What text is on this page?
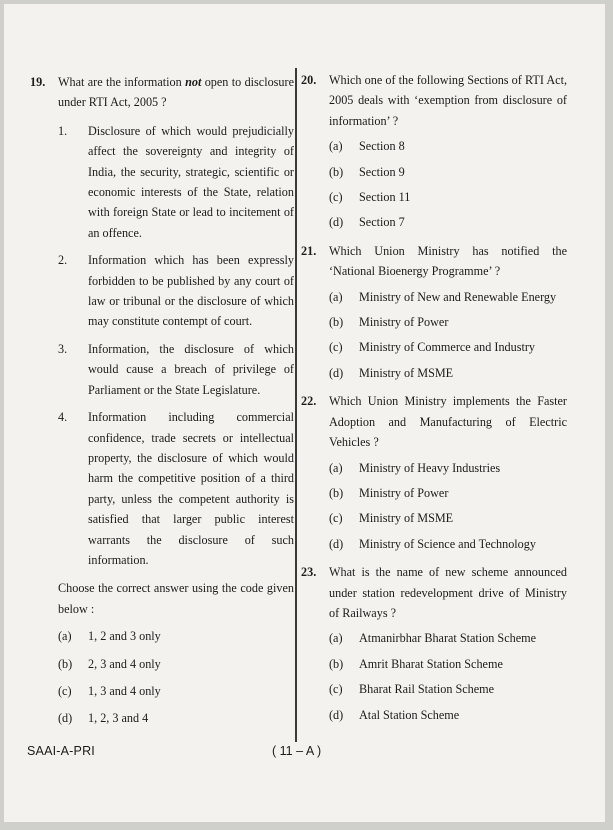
19. What are the information not open to disclosure under RTI Act, 2005 ?
1. Disclosure of which would prejudicially affect the sovereignty and integrity of India, the security, strategic, scientific or economic interests of the State, relation with foreign State or lead to incitement of an offence.
2. Information which has been expressly forbidden to be published by any court of law or tribunal or the disclosure of which may constitute contempt of court.
3. Information, the disclosure of which would cause a breach of privilege of Parliament or the State Legislature.
4. Information including commercial confidence, trade secrets or intellectual property, the disclosure of which would harm the competitive position of a third party, unless the competent authority is satisfied that larger public interest warrants the disclosure of such information.
Choose the correct answer using the code given below :
(a) 1, 2 and 3 only
(b) 2, 3 and 4 only
(c) 1, 3 and 4 only
(d) 1, 2, 3 and 4
20. Which one of the following Sections of RTI Act, 2005 deals with ‘exemption from disclosure of information’ ?
(a) Section 8
(b) Section 9
(c) Section 11
(d) Section 7
21. Which Union Ministry has notified the ‘National Bioenergy Programme’ ?
(a) Ministry of New and Renewable Energy
(b) Ministry of Power
(c) Ministry of Commerce and Industry
(d) Ministry of MSME
22. Which Union Ministry implements the Faster Adoption and Manufacturing of Electric Vehicles ?
(a) Ministry of Heavy Industries
(b) Ministry of Power
(c) Ministry of MSME
(d) Ministry of Science and Technology
23. What is the name of new scheme announced under station redevelopment drive of Ministry of Railways ?
(a) Atmanirbhar Bharat Station Scheme
(b) Amrit Bharat Station Scheme
(c) Bharat Rail Station Scheme
(d) Atal Station Scheme
SAAI-A-PRI	( 11 – A )
